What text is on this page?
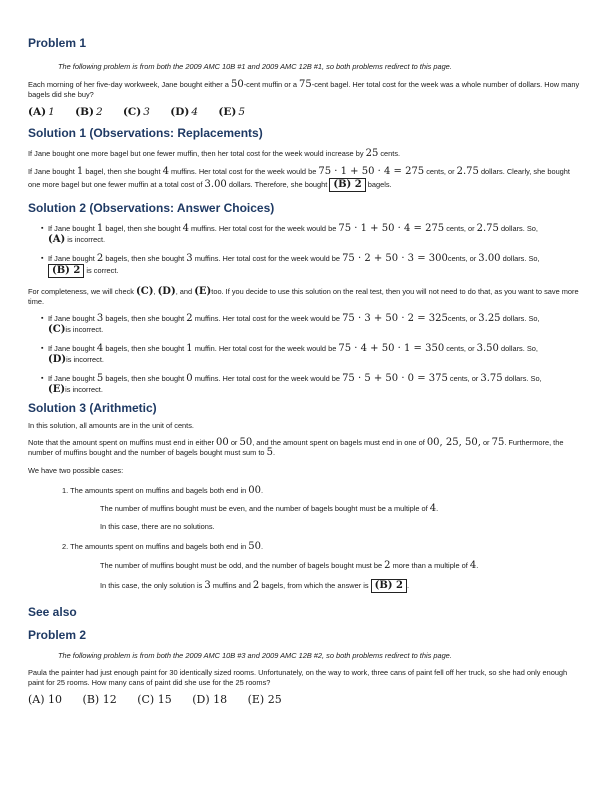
Problem 1

The following problem is from both the 2009 AMC 10B #1 and 2009 AMC 12B #1, so both problems redirect to this page.

Each morning of her five-day workweek, Jane bought either a 50-cent muffin or a 75-cent bagel. Her total cost for the week was a whole number of dollars. How many bagels did she buy?

(A) 1 (B) 2 (C) 3 (D) 4 (E) 5
Solution 1 (Observations: Replacements)

If Jane bought one more bagel but one fewer muffin, then her total cost for the week would increase by 25 cents.

If Jane bought 1 bagel, then she bought 4 muffins. Her total cost for the week would be 75 · 1 + 50 · 4 = 275 cents, or 2.75 dollars. Clearly, she bought one more bagel but one fewer muffin at a total cost of 3.00 dollars. Therefore, she bought (B) 2 bagels.

Solution 2 (Observations: Answer Choices)
▪ If Jane bought 1 bagel, then she bought 4 muffins. Her total cost for the week would be 75 · 1 + 50 · 4 = 275 cents, or 2.75 dollars. So,
(A) is incorrect.
▪ If Jane bought 2 bagels, then she bought 3 muffins. Her total cost for the week would be 75 · 2 + 50 · 3 = 300cents, or 3.00 dollars. So,
(B) 2 is correct.

For completeness, we will check (C), (D), and (E)too. If you decide to use this solution on the real test, then you will not need to do that, as you want to save more time.

▪ If Jane bought 3 bagels, then she bought 2 muffins. Her total cost for the week would be 75 · 3 + 50 · 2 = 325cents, or 3.25 dollars. So,
(C)is incorrect.
▪ If Jane bought 4 bagels, then she bought 1 muffin. Her total cost for the week would be 75 · 4 + 50 · 1 = 350 cents, or 3.50 dollars. So,
(D)is incorrect.
▪ If Jane bought 5 bagels, then she bought 0 muffins. Her total cost for the week would be 75 · 5 + 50 · 0 = 375 cents, or 3.75 dollars. So,
(E)is incorrect.
Solution 3 (Arithmetic)

In this solution, all amounts are in the unit of cents.

Note that the amount spent on muffins must end in either 00 or 50, and the amount spent on bagels must end in one of 00, 25, 50, or 75. Furthermore, the number of muffins bought and the number of bagels bought must sum to 5.

We have two possible cases:

1. The amounts spent on muffins and bagels both end in 00.
The number of muffins bought must be even, and the number of bagels bought must be a multiple of 4.
In this case, there are no solutions.
2. The amounts spent on muffins and bagels both end in 50.
The number of muffins bought must be odd, and the number of bagels bought must be 2 more than a multiple of 4.
In this case, the only solution is 3 muffins and 2 bagels, from which the answer is (B) 2 .
See also
Problem 2

The following problem is from both the 2009 AMC 10B #3 and 2009 AMC 12B #2, so both problems redirect to this page.

Paula the painter had just enough paint for 30 identically sized rooms. Unfortunately, on the way to work, three cans of paint fell off her truck, so she had only enough paint for 25 rooms. How many cans of paint did she use for the 25 rooms?

(A) 10 (B) 12 (C) 15 (D) 18 (E) 25
